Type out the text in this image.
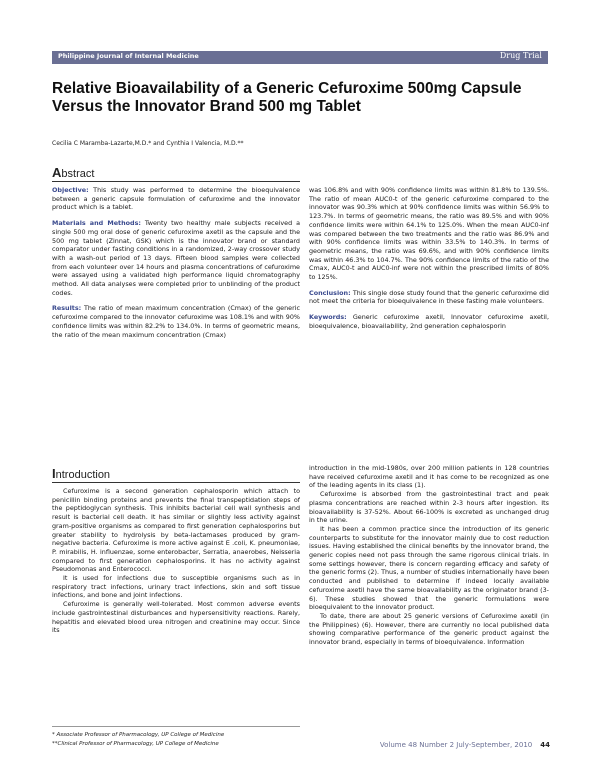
Philippine Journal of Internal Medicine	Drug Trial
Relative Bioavailability of a Generic Cefuroxime 500mg Capsule Versus the Innovator Brand 500 mg Tablet
Cecilia C Maramba-Lazarte,M.D.* and Cynthia I Valencia, M.D.**
Abstract

Objective: This study was performed to determine the bioequivalence between a generic capsule formulation of cefuroxime and the innovator product which is a tablet.

Materials and Methods: Twenty two healthy male subjects received a single 500 mg oral dose of generic cefuroxime axetil as the capsule and the 500 mg tablet (Zinnat, GSK) which is the innovator brand or standard comparator under fasting conditions in a randomized, 2-way crossover study with a wash-out period of 13 days. Fifteen blood samples were collected from each volunteer over 14 hours and plasma concentrations of cefuroxime were assayed using a validated high performance liquid chromatography method. All data analyses were completed prior to unblinding of the product codes.

Results: The ratio of mean maximum concentration (Cmax) of the generic cefuroxime compared to the innovator cefuroxime was 108.1% and with 90% confidence limits was within 82.2% to 134.0%. In terms of geometric means, the ratio of the mean maximum concentration (Cmax)

was 106.8% and with 90% confidence limits was within 81.8% to 139.5%. The ratio of mean AUC0-t of the generic cefuroxime compared to the innovator was 90.3% which at 90% confidence limits was within 56.9% to 123.7%. In terms of geometric means, the ratio was 89.5% and with 90% confidence limits were within 64.1% to 125.0%. When the mean AUC0-inf was compared between the two treatments and the ratio was 86.9% and with 90% confidence limits was within 33.5% to 140.3%. In terms of geometric means, the ratio was 69.6%, and with 90% confidence limits was within 46.3% to 104.7%. The 90% confidence limits of the ratio of the Cmax, AUC0-t and AUC0-inf were not within the prescribed limits of 80% to 125%.

Conclusion: This single dose study found that the generic cefuroxime did not meet the criteria for bioequivalence in these fasting male volunteers.

Keywords: Generic cefuroxime axetil, Innovator cefuroxime axetil, bioequivalence, bioavailability, 2nd generation cephalosporin

Introduction

Cefuroxime is a second generation cephalosporin which attach to penicillin binding proteins and prevents the final transpeptidation steps of the peptidoglycan synthesis. This inhibits bacterial cell wall synthesis and result is bacterial cell death. It has similar or slightly less activity against gram-positive organisms as compared to first generation cephalosporins but greater stability to hydrolysis by beta-lactamases produced by gram-negative bacteria. Cefuroxime is more active against E .coli, K. pneumoniae, P. mirabilis, H. influenzae, some enterobacter, Serratia, anaerobes, Neisseria compared to first generation cephalosporins. It has no activity against Pseudomonas and Enterococci.

It is used for infections due to susceptible organisms such as in respiratory tract infections, urinary tract infections, skin and soft tissue infections, and bone and joint infections.

Cefuroxime is generally well-tolerated. Most common adverse events include gastrointestinal disturbances and hypersensitivity reactions. Rarely, hepatitis and elevated blood urea nitrogen and creatinine may occur. Since its

introduction in the mid-1980s, over 200 million patients in 128 countries have received cefuroxime axetil and it has come to be recognized as one of the leading agents in its class (1).

Cefuroxime is absorbed from the gastrointestinal tract and peak plasma concentrations are reached within 2-3 hours after ingestion. Its bioavailability is 37-52%. About 66-100% is excreted as unchanged drug in the urine.

It has been a common practice since the introduction of its generic counterparts to substitute for the innovator mainly due to cost reduction issues. Having established the clinical benefits by the innovator brand, the generic copies need not pass through the same rigorous clinical trials. In some settings however, there is concern regarding efficacy and safety of the generic forms (2). Thus, a number of studies internationally have been conducted and published to determine if indeed locally available cefuroxime axetil have the same bioavailability as the originator brand (3-6). These studies showed that the generic formulations were bioequivalent to the innovator product.

To date, there are about 25 generic versions of Cefuroxime axetil (in the Philippines) (6). However, there are currently no local published data showing comparative performance of the generic product against the innovator brand, especially in terms of bioequivalence. Information

* Associate Professor of Pharmacology, UP College of Medicine
**Clinical Professor of Pharmacology, UP College of Medicine	Volume 48 Number 2 July-September, 2010 44
